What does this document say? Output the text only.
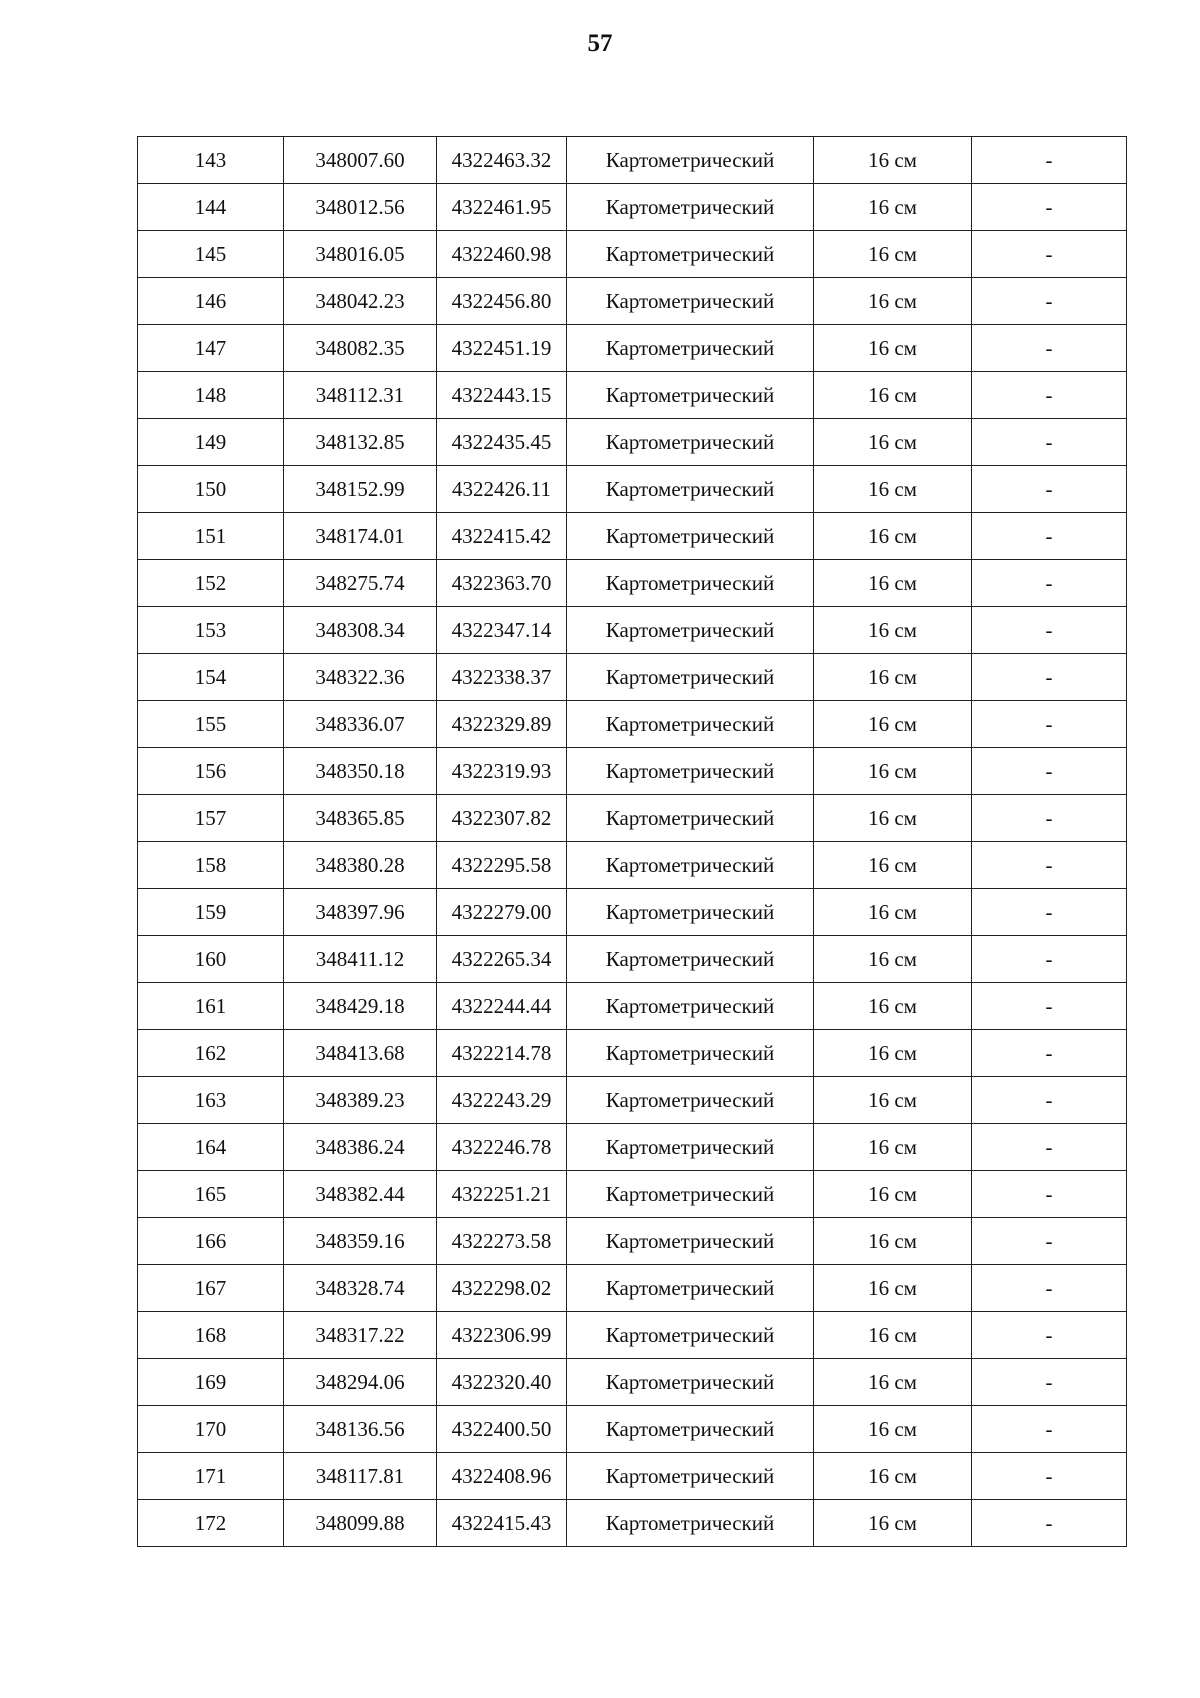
57
143	348007.60	4322463.32	Картометрический	16 см	-
144	348012.56	4322461.95	Картометрический	16 см	-
145	348016.05	4322460.98	Картометрический	16 см	-
146	348042.23	4322456.80	Картометрический	16 см	-
147	348082.35	4322451.19	Картометрический	16 см	-
148	348112.31	4322443.15	Картометрический	16 см	-
149	348132.85	4322435.45	Картометрический	16 см	-
150	348152.99	4322426.11	Картометрический	16 см	-
151	348174.01	4322415.42	Картометрический	16 см	-
152	348275.74	4322363.70	Картометрический	16 см	-
153	348308.34	4322347.14	Картометрический	16 см	-
154	348322.36	4322338.37	Картометрический	16 см	-
155	348336.07	4322329.89	Картометрический	16 см	-
156	348350.18	4322319.93	Картометрический	16 см	-
157	348365.85	4322307.82	Картометрический	16 см	-
158	348380.28	4322295.58	Картометрический	16 см	-
159	348397.96	4322279.00	Картометрический	16 см	-
160	348411.12	4322265.34	Картометрический	16 см	-
161	348429.18	4322244.44	Картометрический	16 см	-
162	348413.68	4322214.78	Картометрический	16 см	-
163	348389.23	4322243.29	Картометрический	16 см	-
164	348386.24	4322246.78	Картометрический	16 см	-
165	348382.44	4322251.21	Картометрический	16 см	-
166	348359.16	4322273.58	Картометрический	16 см	-
167	348328.74	4322298.02	Картометрический	16 см	-
168	348317.22	4322306.99	Картометрический	16 см	-
169	348294.06	4322320.40	Картометрический	16 см	-
170	348136.56	4322400.50	Картометрический	16 см	-
171	348117.81	4322408.96	Картометрический	16 см	-
172	348099.88	4322415.43	Картометрический	16 см	-
